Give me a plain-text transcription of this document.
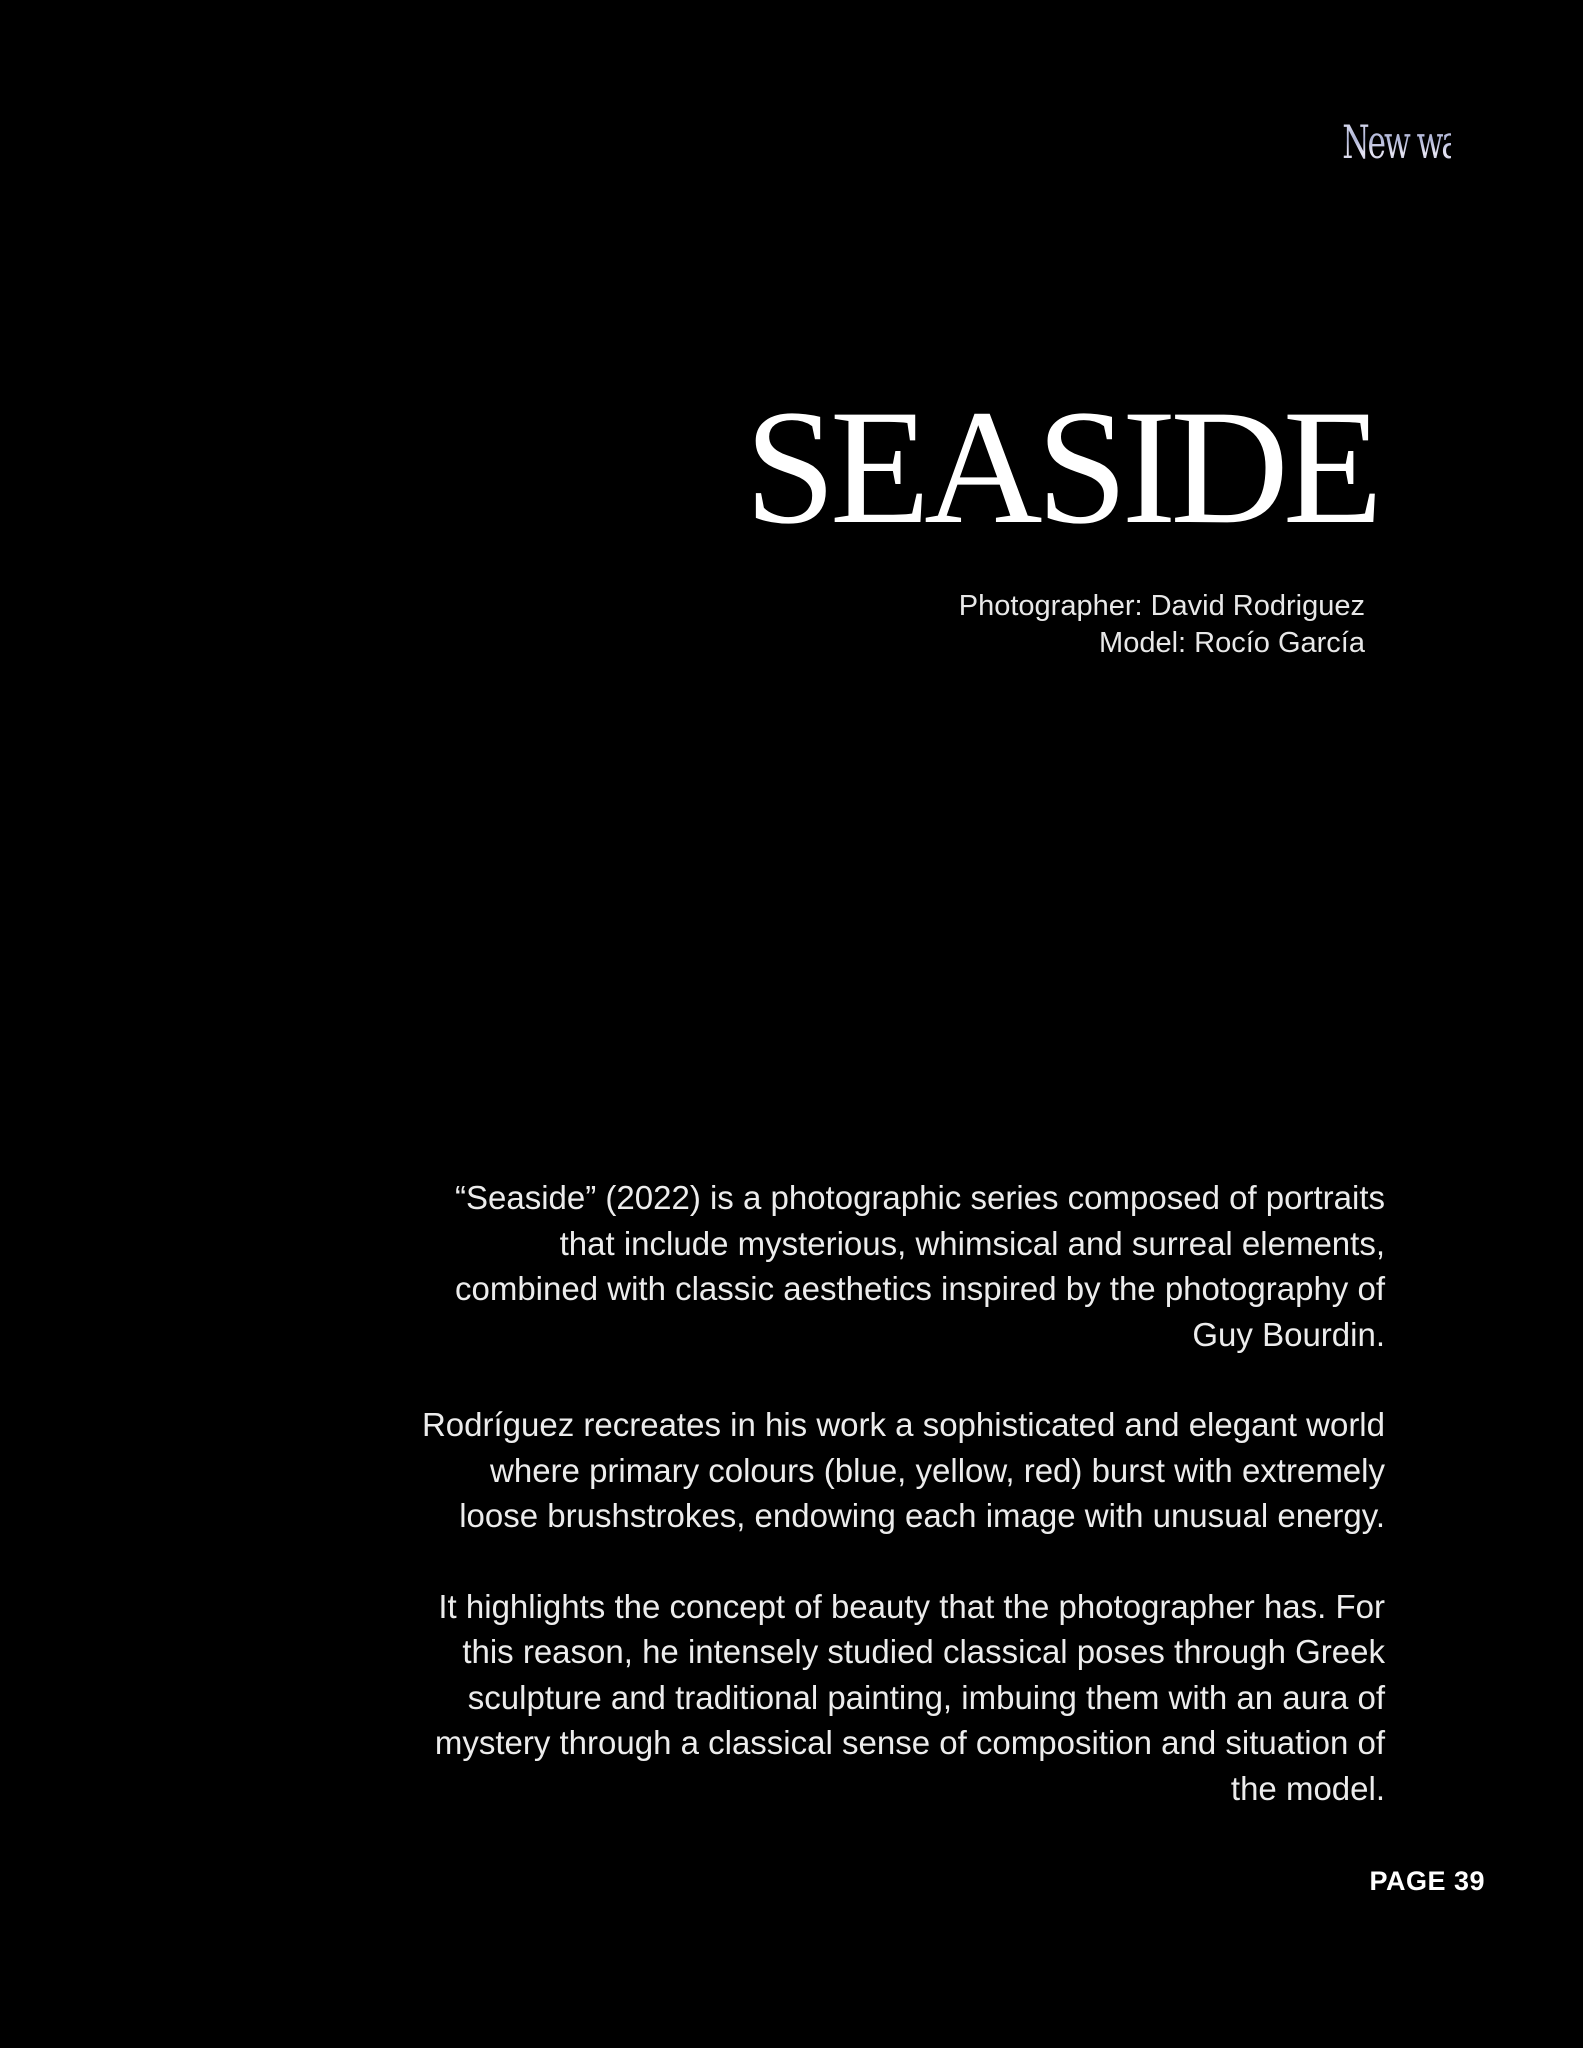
New wave
SEASIDE
Photographer: David Rodriguez
Model: Rocío García

“Seaside” (2022) is a photographic series composed of portraits
that include mysterious, whimsical and surreal elements,
combined with classic aesthetics inspired by the photography of
Guy Bourdin.

Rodríguez recreates in his work a sophisticated and elegant world
where primary colours (blue, yellow, red) burst with extremely
loose brushstrokes, endowing each image with unusual energy.

It highlights the concept of beauty that the photographer has. For
this reason, he intensely studied classical poses through Greek
sculpture and traditional painting, imbuing them with an aura of
mystery through a classical sense of composition and situation of
the model.

PAGE 39
